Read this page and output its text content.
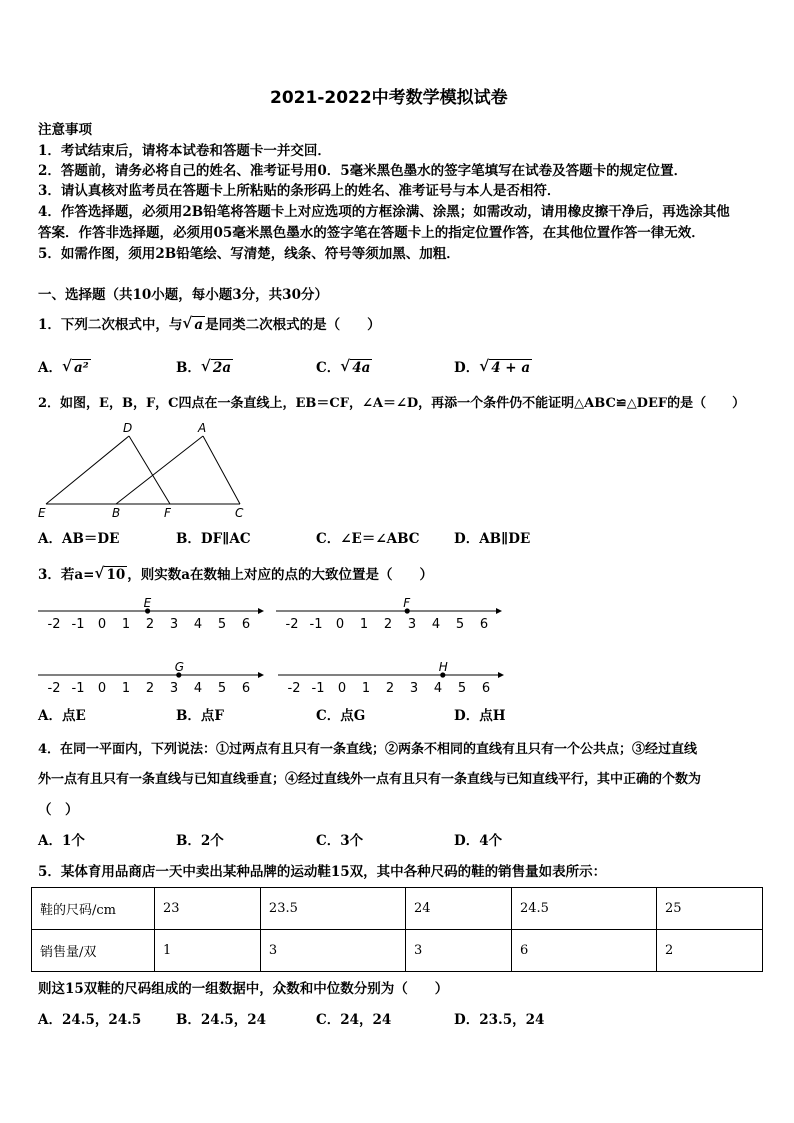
2021-2022中考数学模拟试卷
注意事项
1．考试结束后，请将本试卷和答题卡一并交回．
2．答题前，请务必将自己的姓名、准考证号用0．5毫米黑色墨水的签字笔填写在试卷及答题卡的规定位置．
3．请认真核对监考员在答题卡上所粘贴的条形码上的姓名、准考证号与本人是否相符．
4．作答选择题，必须用2B铅笔将答题卡上对应选项的方框涂满、涂黑；如需改动，请用橡皮擦干净后，再选涂其他
答案．作答非选择题，必须用05毫米黑色墨水的签字笔在答题卡上的指定位置作答，在其他位置作答一律无效．
5．如需作图，须用2B铅笔绘、写清楚，线条、符号等须加黑、加粗．
一、选择题（共10小题，每小题3分，共30分）
1．下列二次根式中，与 √ a 是同类二次根式的是（　　）
A． √ a²	B． √ 2a	C． √ 4a	D． √ 4 + a
2．如图，E，B，F，C四点在一条直线上，EB＝CF，∠A＝∠D，再添一个条件仍不能证明△ABC≌△DEF的是（　　）
D	A
E	B	F	C
A．AB＝DE	B．DF∥AC	C．∠E＝∠ABC	D．AB∥DE
3．若a= √ 10 ，则实数a在数轴上对应的点的大致位置是（　　）
-2 -1 0 1 2 3 4 5 6
E
-2 -1 0 1 2 3 4 5 6
F
-2 -1 0 1 2 3 4 5 6
G
-2 -1 0 1 2 3 4 5 6
H
A．点E	B．点F	C．点G	D．点H
4．在同一平面内，下列说法：①过两点有且只有一条直线；②两条不相同的直线有且只有一个公共点；③经过直线
外一点有且只有一条直线与已知直线垂直；④经过直线外一点有且只有一条直线与已知直线平行，其中正确的个数为
（　）
A．1个	B．2个	C．3个	D．4个
5．某体育用品商店一天中卖出某种品牌的运动鞋15双，其中各种尺码的鞋的销售量如表所示：
鞋的尺码/cm	23	23.5	24	24.5	25
销售量/双	1	3	3	6	2
则这15双鞋的尺码组成的一组数据中，众数和中位数分别为（　　）
A．24.5，24.5	B．24.5，24	C．24，24	D．23.5，24
